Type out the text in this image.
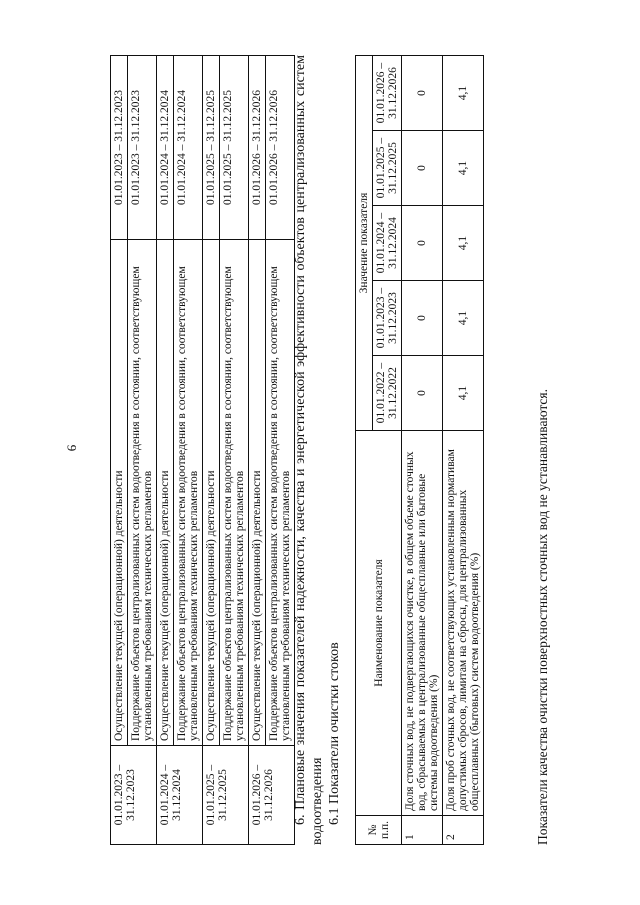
9
01.01.2023 – 31.12.2023	Осуществление текущей (операционной) деятельности	01.01.2023 – 31.12.2023
	Поддержание объектов централизованных систем водоотведения в состоянии, соответствующем установленным требованиям технических регламентов	01.01.2023 – 31.12.2023
01.01.2024 – 31.12.2024	Осуществление текущей (операционной) деятельности	01.01.2024 – 31.12.2024
	Поддержание объектов централизованных систем водоотведения в состоянии, соответствующем установленным требованиям технических регламентов	01.01.2024 – 31.12.2024
01.01.2025 – 31.12.2025	Осуществление текущей (операционной) деятельности	01.01.2025 – 31.12.2025
	Поддержание объектов централизованных систем водоотведения в состоянии, соответствующем установленным требованиям технических регламентов	01.01.2025 – 31.12.2025
01.01.2026 – 31.12.2026	Осуществление текущей (операционной) деятельности	01.01.2026 – 31.12.2026
	Поддержание объектов централизованных систем водоотведения в состоянии, соответствующем установленным требованиям технических регламентов	01.01.2026 – 31.12.2026 6. Плановые значения показателей надежности, качества и энергетической эффективности объектов централизованных систем водоотведения 6.1 Показатели очистки стоков
№ п.п.	Наименование показателя	Значение показателя				
		01.01.2022 – 31.12.2022	01.01.2023 – 31.12.2023	01.01.2024 – 31.12.2024	01.01.2025 – 31.12.2025	01.01.2026 – 31.12.2026
1	Доля сточных вод, не подвергающихся очистке, в общем объеме сточных вод, сбрасываемых в централизованные общесплавные или бытовые системы водоотведения (%)	0	0	0	0	0
2	Доля проб сточных вод, не соответствующих установленным нормативам допустимых сбросов, лимитам на сбросы, для централизованных общесплавных (бытовых) систем водоотведения (%)	4,1	4,1	4,1	4,1	4,1
Показатели качества очистки поверхностных сточных вод не устанавливаются.
